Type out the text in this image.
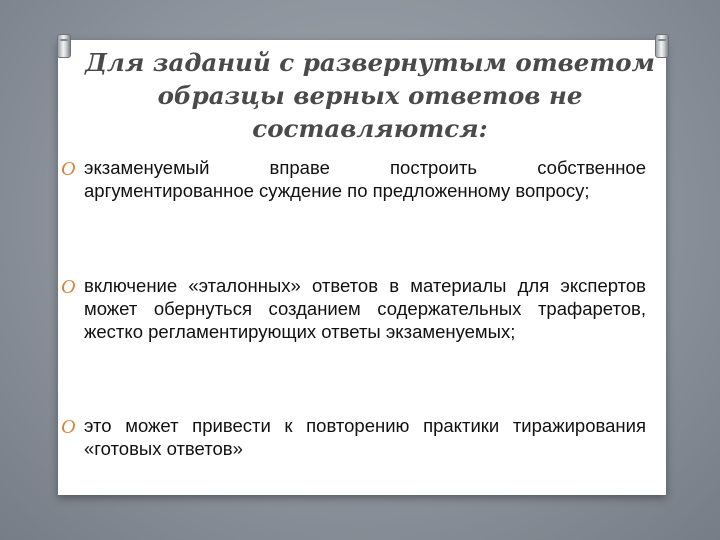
Для заданий с развернутым ответом
образцы верных ответов не
составляются:
O экзаменуемый вправе построить собственное аргументированное суждение по предложенному вопросу;
O включение «эталонных» ответов в материалы для экспертов может обернуться созданием содержательных трафаретов, жестко регламентирующих ответы экзаменуемых;
O это может привести к повторению практики тиражирования «готовых ответов»
